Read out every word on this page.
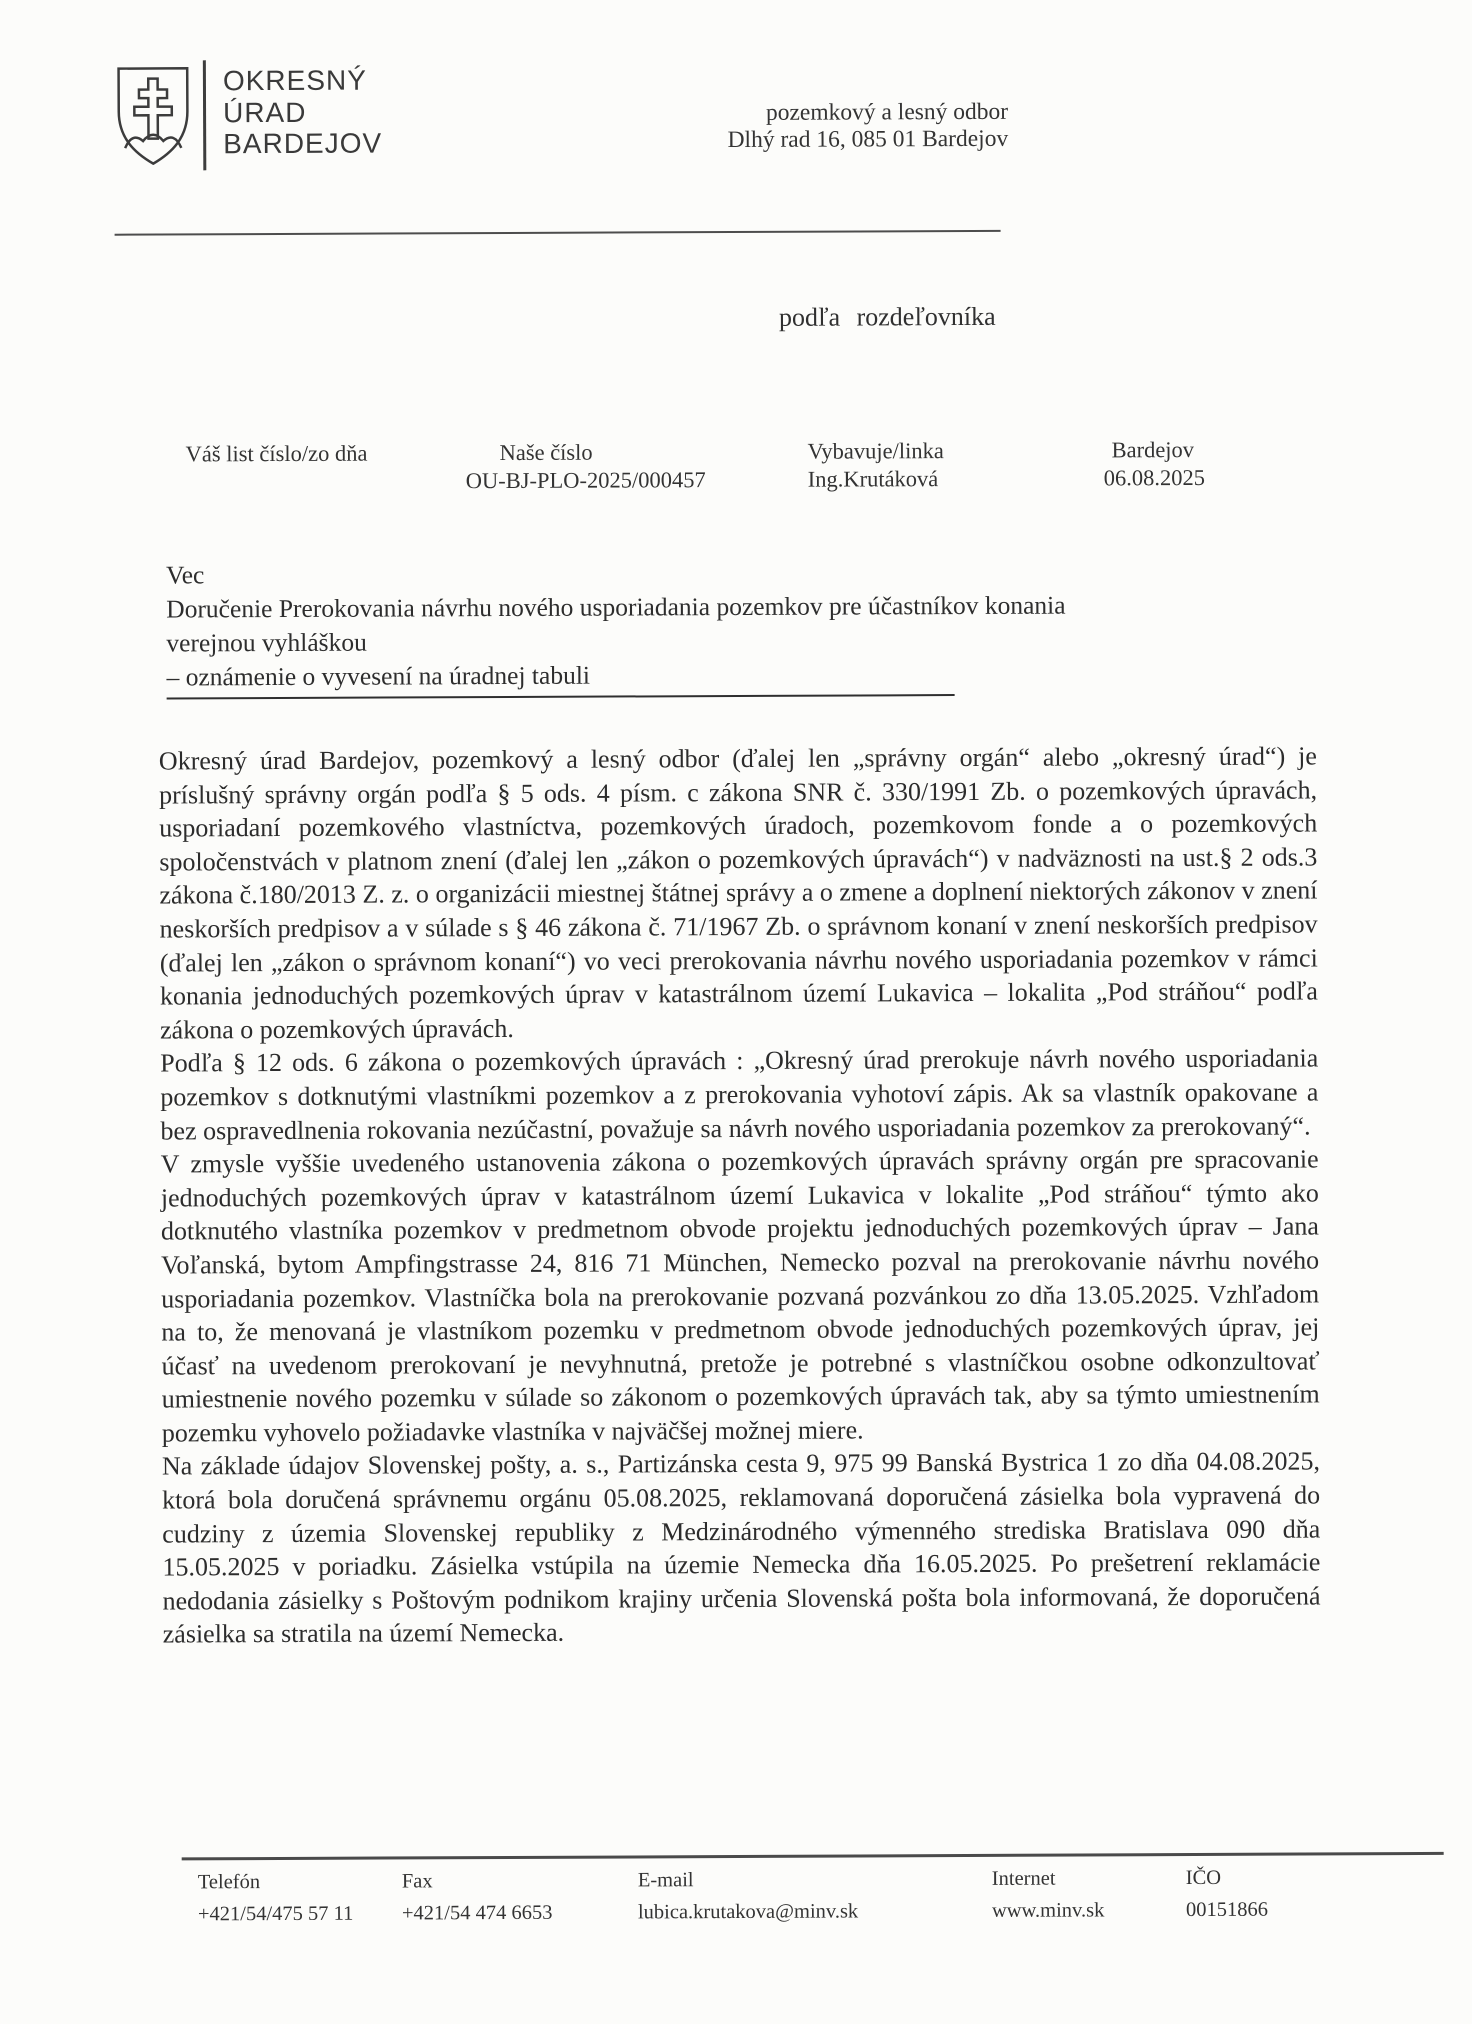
OKRESNÝ
ÚRAD
BARDEJOV
pozemkový a lesný odbor
Dlhý rad 16, 085 01 Bardejov
podľa rozdeľovníka
Váš list číslo/zo dňa	Naše číslo
OU-BJ-PLO-2025/000457
Vybavuje/linka
Ing.Krutáková
Bardejov
06.08.2025
Vec
Doručenie Prerokovania návrhu nového usporiadania pozemkov pre účastníkov konania
verejnou vyhláškou
– oznámenie o vyvesení na úradnej tabuli

Okresný úrad Bardejov, pozemkový a lesný odbor (ďalej len „správny orgán“ alebo „okresný úrad“) je príslušný správny orgán podľa § 5 ods. 4 písm. c zákona SNR č. 330/1991 Zb. o pozemkových úpravách, usporiadaní pozemkového vlastníctva, pozemkových úradoch, pozemkovom fonde a o pozemkových spoločenstvách v platnom znení (ďalej len „zákon o pozemkových úpravách“) v nadväznosti na ust.§ 2 ods.3 zákona č.180/2013 Z. z. o organizácii miestnej štátnej správy a o zmene a doplnení niektorých zákonov v znení neskorších predpisov a v súlade s § 46 zákona č. 71/1967 Zb. o správnom konaní v znení neskorších predpisov (ďalej len „zákon o správnom konaní“) vo veci prerokovania návrhu nového usporiadania pozemkov v rámci konania jednoduchých pozemkových úprav v katastrálnom území Lukavica – lokalita „Pod stráňou“ podľa zákona o pozemkových úpravách.

Podľa § 12 ods. 6 zákona o pozemkových úpravách : „Okresný úrad prerokuje návrh nového usporiadania pozemkov s dotknutými vlastníkmi pozemkov a z prerokovania vyhotoví zápis. Ak sa vlastník opakovane a bez ospravedlnenia rokovania nezúčastní, považuje sa návrh nového usporiadania pozemkov za prerokovaný“.

V zmysle vyššie uvedeného ustanovenia zákona o pozemkových úpravách správny orgán pre spracovanie jednoduchých pozemkových úprav v katastrálnom území Lukavica v lokalite „Pod stráňou“ týmto ako dotknutého vlastníka pozemkov v predmetnom obvode projektu jednoduchých pozemkových úprav – Jana Voľanská, bytom Ampfingstrasse 24, 816 71 München, Nemecko pozval na prerokovanie návrhu nového usporiadania pozemkov. Vlastníčka bola na prerokovanie pozvaná pozvánkou zo dňa 13.05.2025. Vzhľadom na to, že menovaná je vlastníkom pozemku v predmetnom obvode jednoduchých pozemkových úprav, jej účasť na uvedenom prerokovaní je nevyhnutná, pretože je potrebné s vlastníčkou osobne odkonzultovať umiestnenie nového pozemku v súlade so zákonom o pozemkových úpravách tak, aby sa týmto umiestnením pozemku vyhovelo požiadavke vlastníka v najväčšej možnej miere.

Na základe údajov Slovenskej pošty, a. s., Partizánska cesta 9, 975 99 Banská Bystrica 1 zo dňa 04.08.2025, ktorá bola doručená správnemu orgánu 05.08.2025, reklamovaná doporučená zásielka bola vypravená do cudziny z územia Slovenskej republiky z Medzinárodného výmenného strediska Bratislava 090 dňa 15.05.2025 v poriadku. Zásielka vstúpila na územie Nemecka dňa 16.05.2025. Po prešetrení reklamácie nedodania zásielky s Poštovým podnikom krajiny určenia Slovenská pošta bola informovaná, že doporučená zásielka sa stratila na území Nemecka.

Telefón
+421/54/475 57 11
Fax
+421/54 474 6653
E-mail
lubica.krutakova@minv.sk
Internet
www.minv.sk
IČO
00151866
